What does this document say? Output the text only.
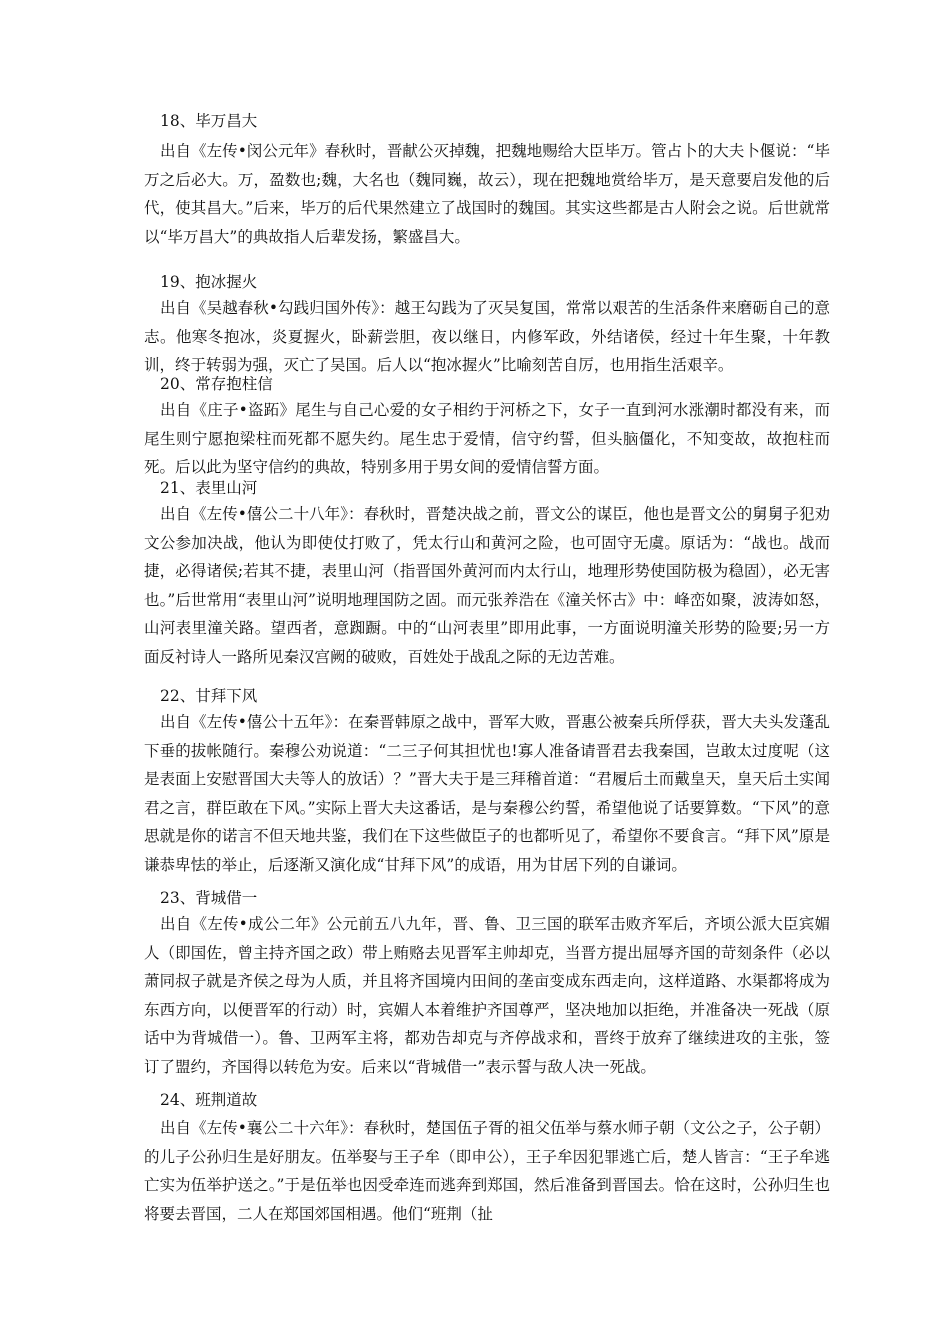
18、毕万昌大

出自《左传•闵公元年》春秋时，晋献公灭掉魏，把魏地赐给大臣毕万。管占卜的大夫卜偃说：“毕万之后必大。万，盈数也;魏，大名也（魏同巍，故云），现在把魏地赏给毕万，是天意要启发他的后代，使其昌大。”后来，毕万的后代果然建立了战国时的魏国。其实这些都是古人附会之说。后世就常以“毕万昌大”的典故指人后辈发扬，繁盛昌大。

19、抱冰握火

出自《吴越春秋•勾践归国外传》：越王勾践为了灭吴复国，常常以艰苦的生活条件来磨砺自己的意志。他寒冬抱冰，炎夏握火，卧薪尝胆，夜以继日，内修军政，外结诸侯，经过十年生聚，十年教训，终于转弱为强，灭亡了吴国。后人以“抱冰握火”比喻刻苦自厉，也用指生活艰辛。

20、常存抱柱信

出自《庄子•盗跖》尾生与自己心爱的女子相约于河桥之下，女子一直到河水涨潮时都没有来，而尾生则宁愿抱梁柱而死都不愿失约。尾生忠于爱情，信守约誓，但头脑僵化，不知变故，故抱柱而死。后以此为坚守信约的典故，特别多用于男女间的爱情信誓方面。

21、表里山河

出自《左传•僖公二十八年》：春秋时，晋楚决战之前，晋文公的谋臣，他也是晋文公的舅舅子犯劝文公参加决战，他认为即使仗打败了，凭太行山和黄河之险，也可固守无虞。原话为：“战也。战而捷，必得诸侯;若其不捷，表里山河（指晋国外黄河而内太行山，地理形势使国防极为稳固），必无害也。”后世常用“表里山河”说明地理国防之固。而元张养浩在《潼关怀古》中：峰峦如聚，波涛如怒，山河表里潼关路。望西者，意踟蹰。中的“山河表里”即用此事，一方面说明潼关形势的险要;另一方面反衬诗人一路所见秦汉宫阙的破败，百姓处于战乱之际的无边苦难。

22、甘拜下风

出自《左传•僖公十五年》：在秦晋韩原之战中，晋军大败，晋惠公被秦兵所俘获，晋大夫头发蓬乱下垂的拔帐随行。秦穆公劝说道：“二三子何其担忧也!寡人准备请晋君去我秦国，岂敢太过度呢（这是表面上安慰晋国大夫等人的放话）？”晋大夫于是三拜稽首道：“君履后土而戴皇天，皇天后土实闻君之言，群臣敢在下风。”实际上晋大夫这番话，是与秦穆公约誓，希望他说了话要算数。“下风”的意思就是你的诺言不但天地共鉴，我们在下这些做臣子的也都听见了，希望你不要食言。“拜下风”原是谦恭卑怯的举止，后逐渐又演化成“甘拜下风”的成语，用为甘居下列的自谦词。

23、背城借一

出自《左传•成公二年》公元前五八九年，晋、鲁、卫三国的联军击败齐军后，齐顷公派大臣宾媚人（即国佐，曾主持齐国之政）带上贿赂去见晋军主帅却克，当晋方提出屈辱齐国的苛刻条件（必以萧同叔子就是齐侯之母为人质，并且将齐国境内田间的垄亩变成东西走向，这样道路、水渠都将成为东西方向，以便晋军的行动）时，宾媚人本着维护齐国尊严，坚决地加以拒绝，并准备决一死战（原话中为背城借一）。鲁、卫两军主将，都劝告却克与齐停战求和，晋终于放弃了继续进攻的主张，签订了盟约，齐国得以转危为安。后来以“背城借一”表示誓与敌人决一死战。

24、班荆道故

出自《左传•襄公二十六年》：春秋时，楚国伍子胥的祖父伍举与蔡水师子朝（文公之子，公子朝）的儿子公孙归生是好朋友。伍举娶与王子牟（即申公），王子牟因犯罪逃亡后，楚人皆言：“王子牟逃亡实为伍举护送之。”于是伍举也因受牵连而逃奔到郑国，然后准备到晋国去。恰在这时，公孙归生也将要去晋国，二人在郑国郊国相遇。他们“班荆（扯
